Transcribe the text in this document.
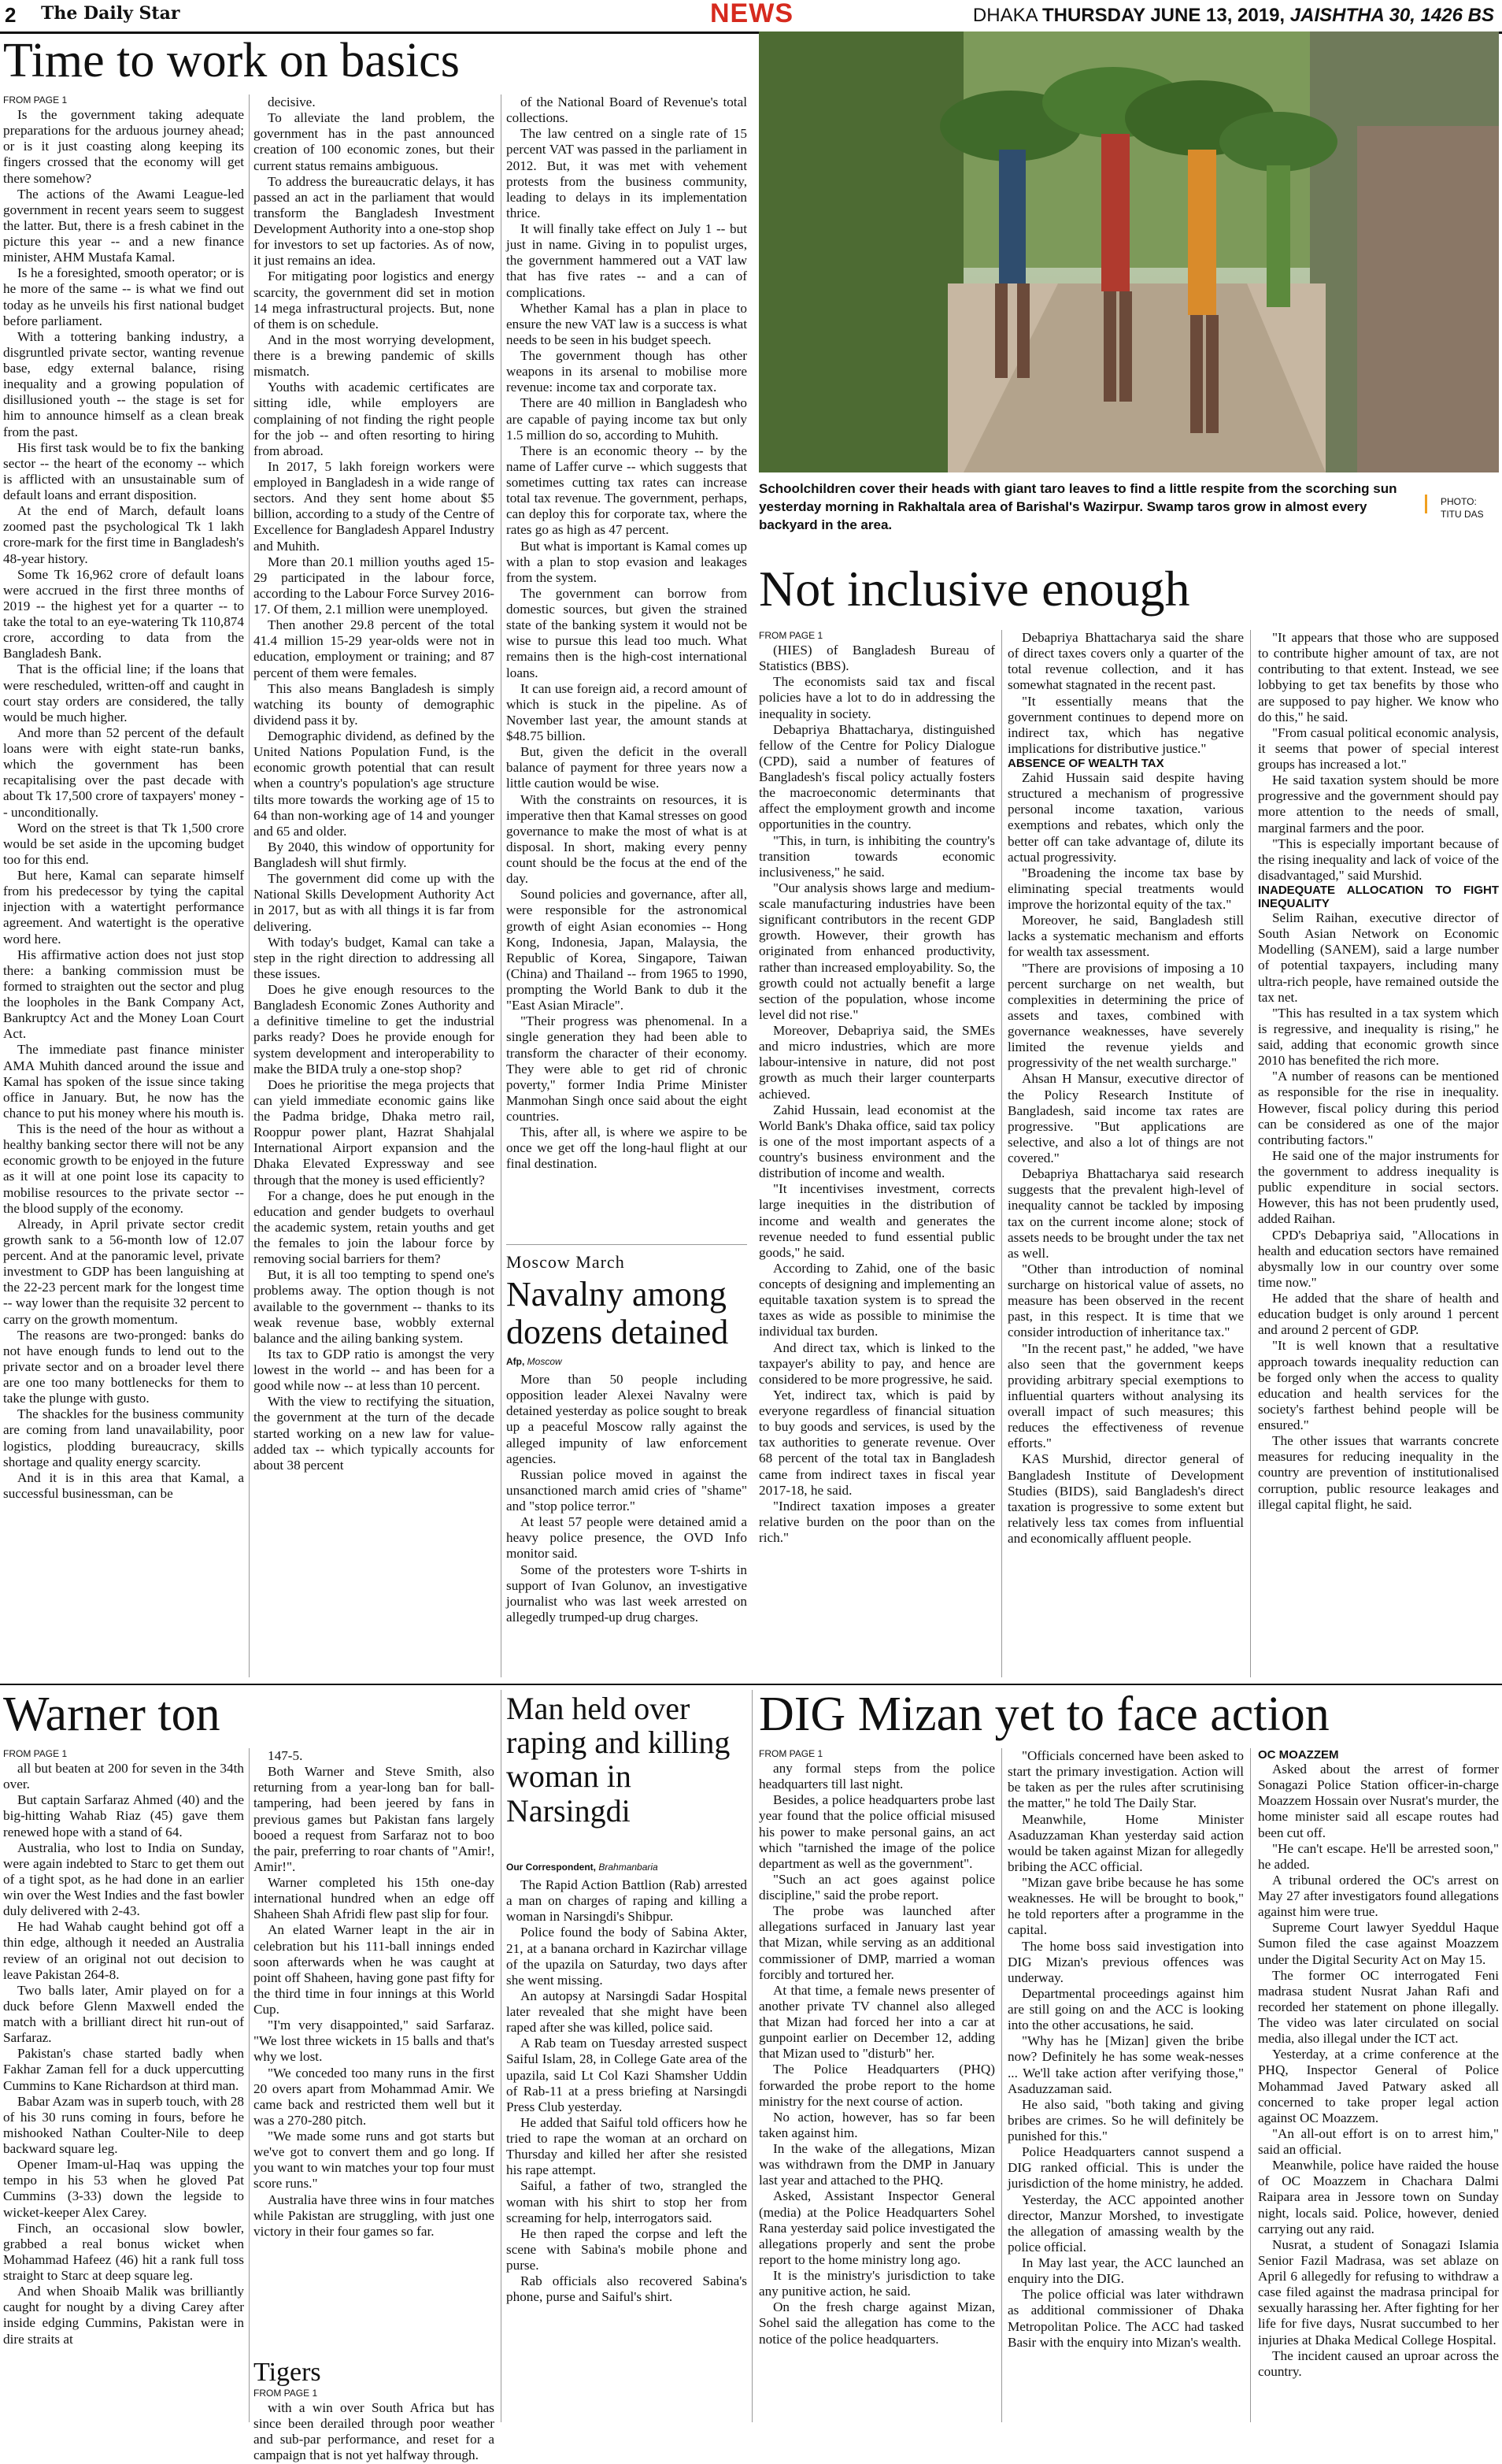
2 The Daily Star	NEWS	DHAKA THURSDAY JUNE 13, 2019, JAISHTHA 30, 1426 BS
Time to work on basics
FROM PAGE 1

Is the government taking adequate preparations for the arduous journey ahead; or is it just coasting along keeping its fingers crossed that the economy will get there somehow?

The actions of the Awami League-led government in recent years seem to suggest the latter. But, there is a fresh cabinet in the picture this year -- and a new finance minister, AHM Mustafa Kamal.

Is he a foresighted, smooth operator; or is he more of the same -- is what we find out today as he unveils his first national budget before parliament.

With a tottering banking industry, a disgruntled private sector, wanting revenue base, edgy external balance, rising inequality and a growing population of disillusioned youth -- the stage is set for him to announce himself as a clean break from the past.

His first task would be to fix the banking sector -- the heart of the economy -- which is afflicted with an unsustainable sum of default loans and errant disposition.

At the end of March, default loans zoomed past the psychological Tk 1 lakh crore-mark for the first time in Bangladesh's 48-year history.

Some Tk 16,962 crore of default loans were accrued in the first three months of 2019 -- the highest yet for a quarter -- to take the total to an eye-watering Tk 110,874 crore, according to data from the Bangladesh Bank.

That is the official line; if the loans that were rescheduled, written-off and caught in court stay orders are considered, the tally would be much higher.

And more than 52 percent of the default loans were with eight state-run banks, which the government has been recapitalising over the past decade with about Tk 17,500 crore of taxpayers' money -- unconditionally.

Word on the street is that Tk 1,500 crore would be set aside in the upcoming budget too for this end.

But here, Kamal can separate himself from his predecessor by tying the capital injection with a watertight performance agreement. And watertight is the operative word here.

His affirmative action does not just stop there: a banking commission must be formed to straighten out the sector and plug the loopholes in the Bank Company Act, Bankruptcy Act and the Money Loan Court Act.

The immediate past finance minister AMA Muhith danced around the issue and Kamal has spoken of the issue since taking office in January. But, he now has the chance to put his money where his mouth is.

This is the need of the hour as without a healthy banking sector there will not be any economic growth to be enjoyed in the future as it will at one point lose its capacity to mobilise resources to the private sector -- the blood supply of the economy.

Already, in April private sector credit growth sank to a 56-month low of 12.07 percent. And at the panoramic level, private investment to GDP has been languishing at the 22-23 percent mark for the longest time -- way lower than the requisite 32 percent to carry on the growth momentum.

The reasons are two-pronged: banks do not have enough funds to lend out to the private sector and on a broader level there are one too many bottlenecks for them to take the plunge with gusto.

The shackles for the business community are coming from land unavailability, poor logistics, plodding bureaucracy, skills shortage and quality energy scarcity.

And it is in this area that Kamal, a successful businessman, can be

decisive.

To alleviate the land problem, the government has in the past announced creation of 100 economic zones, but their current status remains ambiguous.

To address the bureaucratic delays, it has passed an act in the parliament that would transform the Bangladesh Investment Development Authority into a one-stop shop for investors to set up factories. As of now, it just remains an idea.

For mitigating poor logistics and energy scarcity, the government did set in motion 14 mega infrastructural projects. But, none of them is on schedule.

And in the most worrying development, there is a brewing pandemic of skills mismatch.

Youths with academic certificates are sitting idle, while employers are complaining of not finding the right people for the job -- and often resorting to hiring from abroad.

In 2017, 5 lakh foreign workers were employed in Bangladesh in a wide range of sectors. And they sent home about $5 billion, according to a study of the Centre of Excellence for Bangladesh Apparel Industry and Muhith.

More than 20.1 million youths aged 15-29 participated in the labour force, according to the Labour Force Survey 2016-17. Of them, 2.1 million were unemployed.

Then another 29.8 percent of the total 41.4 million 15-29 year-olds were not in education, employment or training; and 87 percent of them were females.

This also means Bangladesh is simply watching its bounty of demographic dividend pass it by.

Demographic dividend, as defined by the United Nations Population Fund, is the economic growth potential that can result when a country's population's age structure tilts more towards the working age of 15 to 64 than non-working age of 14 and younger and 65 and older.

By 2040, this window of opportunity for Bangladesh will shut firmly.

The government did come up with the National Skills Development Authority Act in 2017, but as with all things it is far from delivering.

With today's budget, Kamal can take a step in the right direction to addressing all these issues.

Does he give enough resources to the Bangladesh Economic Zones Authority and a definitive timeline to get the industrial parks ready? Does he provide enough for system development and interoperability to make the BIDA truly a one-stop shop?

Does he prioritise the mega projects that can yield immediate economic gains like the Padma bridge, Dhaka metro rail, Rooppur power plant, Hazrat Shahjalal International Airport expansion and the Dhaka Elevated Expressway and see through that the money is used efficiently?

For a change, does he put enough in the education and gender budgets to overhaul the academic system, retain youths and get the females to join the labour force by removing social barriers for them?

But, it is all too tempting to spend one's problems away. The option though is not available to the government -- thanks to its weak revenue base, wobbly external balance and the ailing banking system.

Its tax to GDP ratio is amongst the very lowest in the world -- and has been for a good while now -- at less than 10 percent.

With the view to rectifying the situation, the government at the turn of the decade started working on a new law for value-added tax -- which typically accounts for about 38 percent

of the National Board of Revenue's total collections.

The law centred on a single rate of 15 percent VAT was passed in the parliament in 2012. But, it was met with vehement protests from the business community, leading to delays in its implementation thrice.

It will finally take effect on July 1 -- but just in name. Giving in to populist urges, the government hammered out a VAT law that has five rates -- and a can of complications.

Whether Kamal has a plan in place to ensure the new VAT law is a success is what needs to be seen in his budget speech.

The government though has other weapons in its arsenal to mobilise more revenue: income tax and corporate tax.

There are 40 million in Bangladesh who are capable of paying income tax but only 1.5 million do so, according to Muhith.

There is an economic theory -- by the name of Laffer curve -- which suggests that sometimes cutting tax rates can increase total tax revenue. The government, perhaps, can deploy this for corporate tax, where the rates go as high as 47 percent.

But what is important is Kamal comes up with a plan to stop evasion and leakages from the system.

The government can borrow from domestic sources, but given the strained state of the banking system it would not be wise to pursue this lead too much. What remains then is the high-cost international loans.

It can use foreign aid, a record amount of which is stuck in the pipeline. As of November last year, the amount stands at $48.75 billion.

But, given the deficit in the overall balance of payment for three years now a little caution would be wise.

With the constraints on resources, it is imperative then that Kamal stresses on good governance to make the most of what is at disposal. In short, making every penny count should be the focus at the end of the day.

Sound policies and governance, after all, were responsible for the astronomical growth of eight Asian economies -- Hong Kong, Indonesia, Japan, Malaysia, the Republic of Korea, Singapore, Taiwan (China) and Thailand -- from 1965 to 1990, prompting the World Bank to dub it the "East Asian Miracle".

"Their progress was phenomenal. In a single generation they had been able to transform the character of their economy. They were able to get rid of chronic poverty," former India Prime Minister Manmohan Singh once said about the eight countries.

This, after all, is where we aspire to be once we get off the long-haul flight at our final destination.

Moscow March
Navalny among dozens detained
Afp, Moscow

More than 50 people including opposition leader Alexei Navalny were detained yesterday as police sought to break up a peaceful Moscow rally against the alleged impunity of law enforcement agencies.

Russian police moved in against the unsanctioned march amid cries of "shame" and "stop police terror."

At least 57 people were detained amid a heavy police presence, the OVD Info monitor said.

Some of the protesters wore T-shirts in support of Ivan Golunov, an investigative journalist who was last week arrested on allegedly trumped-up drug charges.

Schoolchildren cover their heads with giant taro leaves to find a little respite from the scorching sun yesterday morning in Rakhaltala area of Barishal's Wazirpur. Swamp taros grow in almost every backyard in the area.
PHOTO:
TITU DAS
Not inclusive enough
FROM PAGE 1

(HIES) of Bangladesh Bureau of Statistics (BBS).

The economists said tax and fiscal policies have a lot to do in addressing the inequality in society.

Debapriya Bhattacharya, distinguished fellow of the Centre for Policy Dialogue (CPD), said a number of features of Bangladesh's fiscal policy actually fosters the macroeconomic determinants that affect the employment growth and income opportunities in the country.

"This, in turn, is inhibiting the country's transition towards economic inclusiveness," he said.

"Our analysis shows large and medium-scale manufacturing industries have been significant contributors in the recent GDP growth. However, their growth has originated from enhanced productivity, rather than increased employability. So, the growth could not actually benefit a large section of the population, whose income level did not rise."

Moreover, Debapriya said, the SMEs and micro industries, which are more labour-intensive in nature, did not post growth as much their larger counterparts achieved.

Zahid Hussain, lead economist at the World Bank's Dhaka office, said tax policy is one of the most important aspects of a country's business environment and the distribution of income and wealth.

"It incentivises investment, corrects large inequities in the distribution of income and wealth and generates the revenue needed to fund essential public goods," he said.

According to Zahid, one of the basic concepts of designing and implementing an equitable taxation system is to spread the taxes as wide as possible to minimise the individual tax burden.

And direct tax, which is linked to the taxpayer's ability to pay, and hence are considered to be more progressive, he said.

Yet, indirect tax, which is paid by everyone regardless of financial situation to buy goods and services, is used by the tax authorities to generate revenue. Over 68 percent of the total tax in Bangladesh came from indirect taxes in fiscal year 2017-18, he said.

"Indirect taxation imposes a greater relative burden on the poor than on the rich."

Debapriya Bhattacharya said the share of direct taxes covers only a quarter of the total revenue collection, and it has somewhat stagnated in the recent past.

"It essentially means that the government continues to depend more on indirect tax, which has negative implications for distributive justice."

ABSENCE OF WEALTH TAX

Zahid Hussain said despite having structured a mechanism of progressive personal income taxation, various exemptions and rebates, which only the better off can take advantage of, dilute its actual progressivity.

"Broadening the income tax base by eliminating special treatments would improve the horizontal equity of the tax."

Moreover, he said, Bangladesh still lacks a systematic mechanism and efforts for wealth tax assessment.

"There are provisions of imposing a 10 percent surcharge on net wealth, but complexities in determining the price of assets and taxes, combined with governance weaknesses, have severely limited the revenue yields and progressivity of the net wealth surcharge."

Ahsan H Mansur, executive director of the Policy Research Institute of Bangladesh, said income tax rates are progressive. "But applications are selective, and also a lot of things are not covered."

Debapriya Bhattacharya said research suggests that the prevalent high-level of inequality cannot be tackled by imposing tax on the current income alone; stock of assets needs to be brought under the tax net as well.

"Other than introduction of nominal surcharge on historical value of assets, no measure has been observed in the recent past, in this respect. It is time that we consider introduction of inheritance tax."

"In the recent past," he added, "we have also seen that the government keeps providing arbitrary special exemptions to influential quarters without analysing its overall impact of such measures; this reduces the effectiveness of revenue efforts."

KAS Murshid, director general of Bangladesh Institute of Development Studies (BIDS), said Bangladesh's direct taxation is progressive to some extent but relatively less tax comes from influential and economically affluent people.

"It appears that those who are supposed to contribute higher amount of tax, are not contributing to that extent. Instead, we see lobbying to get tax benefits by those who are supposed to pay higher. We know who do this," he said.

"From casual political economic analysis, it seems that power of special interest groups has increased a lot."

He said taxation system should be more progressive and the government should pay more attention to the needs of small, marginal farmers and the poor.

"This is especially important because of the rising inequality and lack of voice of the disadvantaged," said Murshid.

INADEQUATE ALLOCATION TO FIGHT INEQUALITY

Selim Raihan, executive director of South Asian Network on Economic Modelling (SANEM), said a large number of potential taxpayers, including many ultra-rich people, have remained outside the tax net.

"This has resulted in a tax system which is regressive, and inequality is rising," he said, adding that economic growth since 2010 has benefited the rich more.

"A number of reasons can be mentioned as responsible for the rise in inequality. However, fiscal policy during this period can be considered as one of the major contributing factors."

He said one of the major instruments for the government to address inequality is public expenditure in social sectors. However, this has not been prudently used, added Raihan.

CPD's Debapriya said, "Allocations in health and education sectors have remained abysmally low in our country over some time now."

He added that the share of health and education budget is only around 1 percent and around 2 percent of GDP.

"It is well known that a resultative approach towards inequality reduction can be forged only when the access to quality education and health services for the society's farthest behind people will be ensured."

The other issues that warrants concrete measures for reducing inequality in the country are prevention of institutionalised corruption, public resource leakages and illegal capital flight, he said.

Warner ton
FROM PAGE 1

all but beaten at 200 for seven in the 34th over.

But captain Sarfaraz Ahmed (40) and the big-hitting Wahab Riaz (45) gave them renewed hope with a stand of 64.

Australia, who lost to India on Sunday, were again indebted to Starc to get them out of a tight spot, as he had done in an earlier win over the West Indies and the fast bowler duly delivered with 2-43.

He had Wahab caught behind got off a thin edge, although it needed an Australia review of an original not out decision to leave Pakistan 264-8.

Two balls later, Amir played on for a duck before Glenn Maxwell ended the match with a brilliant direct hit run-out of Sarfaraz.

Pakistan's chase started badly when Fakhar Zaman fell for a duck uppercutting Cummins to Kane Richardson at third man.

Babar Azam was in superb touch, with 28 of his 30 runs coming in fours, before he mishooked Nathan Coulter-Nile to deep backward square leg.

Opener Imam-ul-Haq was upping the tempo in his 53 when he gloved Pat Cummins (3-33) down the legside to wicket-keeper Alex Carey.

Finch, an occasional slow bowler, grabbed a real bonus wicket when Mohammad Hafeez (46) hit a rank full toss straight to Starc at deep square leg.

And when Shoaib Malik was brilliantly caught for nought by a diving Carey after inside edging Cummins, Pakistan were in dire straits at

147-5.

Both Warner and Steve Smith, also returning from a year-long ban for ball-tampering, had been jeered by fans in previous games but Pakistan fans largely booed a request from Sarfaraz not to boo the pair, preferring to roar chants of "Amir!, Amir!".

Warner completed his 15th one-day international hundred when an edge off Shaheen Shah Afridi flew past slip for four.

An elated Warner leapt in the air in celebration but his 111-ball innings ended soon afterwards when he was caught at point off Shaheen, having gone past fifty for the third time in four innings at this World Cup.

"I'm very disappointed," said Sarfaraz. "We lost three wickets in 15 balls and that's why we lost.

"We conceded too many runs in the first 20 overs apart from Mohammad Amir. We came back and restricted them well but it was a 270-280 pitch.

"We made some runs and got starts but we've got to convert them and go long. If you want to win matches your top four must score runs."

Australia have three wins in four matches while Pakistan are struggling, with just one victory in their four games so far.

Tigers
FROM PAGE 1

with a win over South Africa but has since been derailed through poor weather and sub-par performance, and reset for a campaign that is not yet halfway through.

Man held over raping and killing woman in Narsingdi
Our Correspondent, Brahmanbaria

The Rapid Action Battlion (Rab) arrested a man on charges of raping and killing a woman in Narsingdi's Shibpur.

Police found the body of Sabina Akter, 21, at a banana orchard in Kazirchar village of the upazila on Saturday, two days after she went missing.

An autopsy at Narsingdi Sadar Hospital later revealed that she might have been raped after she was killed, police said.

A Rab team on Tuesday arrested suspect Saiful Islam, 28, in College Gate area of the upazila, said Lt Col Kazi Shamsher Uddin of Rab-11 at a press briefing at Narsingdi Press Club yesterday.

He added that Saiful told officers how he tried to rape the woman at an orchard on Thursday and killed her after she resisted his rape attempt.

Saiful, a father of two, strangled the woman with his shirt to stop her from screaming for help, interrogators said.

He then raped the corpse and left the scene with Sabina's mobile phone and purse.

Rab officials also recovered Sabina's phone, purse and Saiful's shirt.

DIG Mizan yet to face action
FROM PAGE 1

any formal steps from the police headquarters till last night.

Besides, a police headquarters probe last year found that the police official misused his power to make personal gains, an act which "tarnished the image of the police department as well as the government".

"Such an act goes against police discipline," said the probe report.

The probe was launched after allegations surfaced in January last year that Mizan, while serving as an additional commissioner of DMP, married a woman forcibly and tortured her.

At that time, a female news presenter of another private TV channel also alleged that Mizan had forced her into a car at gunpoint earlier on December 12, adding that Mizan used to "disturb" her.

The Police Headquarters (PHQ) forwarded the probe report to the home ministry for the next course of action.

No action, however, has so far been taken against him.

In the wake of the allegations, Mizan was withdrawn from the DMP in January last year and attached to the PHQ.

Asked, Assistant Inspector General (media) at the Police Headquarters Sohel Rana yesterday said police investigated the allegations properly and sent the probe report to the home ministry long ago.

It is the ministry's jurisdiction to take any punitive action, he said.

On the fresh charge against Mizan, Sohel said the allegation has come to the notice of the police headquarters.

"Officials concerned have been asked to start the primary investigation. Action will be taken as per the rules after scrutinising the matter," he told The Daily Star.

Meanwhile, Home Minister Asaduzzaman Khan yesterday said action would be taken against Mizan for allegedly bribing the ACC official.

"Mizan gave bribe because he has some weaknesses. He will be brought to book," he told reporters after a programme in the capital.

The home boss said investigation into DIG Mizan's previous offences was underway.

Departmental proceedings against him are still going on and the ACC is looking into the other accusations, he said.

"Why has he [Mizan] given the bribe now? Definitely he has some weak-nesses ... We'll take action after verifying those," Asaduzzaman said.

He also said, "both taking and giving bribes are crimes. So he will definitely be punished for this."

Police Headquarters cannot suspend a DIG ranked official. This is under the jurisdiction of the home ministry, he added.

Yesterday, the ACC appointed another director, Manzur Morshed, to investigate the allegation of amassing wealth by the police official.

In May last year, the ACC launched an enquiry into the DIG.

The police official was later withdrawn as additional commissioner of Dhaka Metropolitan Police. The ACC had tasked Basir with the enquiry into Mizan's wealth.

OC MOAZZEM

Asked about the arrest of former Sonagazi Police Station officer-in-charge Moazzem Hossain over Nusrat's murder, the home minister said all escape routes had been cut off.

"He can't escape. He'll be arrested soon," he added.

A tribunal ordered the OC's arrest on May 27 after investigators found allegations against him were true.

Supreme Court lawyer Syeddul Haque Sumon filed the case against Moazzem under the Digital Security Act on May 15.

The former OC interrogated Feni madrasa student Nusrat Jahan Rafi and recorded her statement on phone illegally. The video was later circulated on social media, also illegal under the ICT act.

Yesterday, at a crime conference at the PHQ, Inspector General of Police Mohammad Javed Patwary asked all concerned to take proper legal action against OC Moazzem.

"An all-out effort is on to arrest him," said an official.

Meanwhile, police have raided the house of OC Moazzem in Chachara Dalmi Raipara area in Jessore town on Sunday night, locals said. Police, however, denied carrying out any raid.

Nusrat, a student of Sonagazi Islamia Senior Fazil Madrasa, was set ablaze on April 6 allegedly for refusing to withdraw a case filed against the madrasa principal for sexually harassing her. After fighting for her life for five days, Nusrat succumbed to her injuries at Dhaka Medical College Hospital.

The incident caused an uproar across the country.
